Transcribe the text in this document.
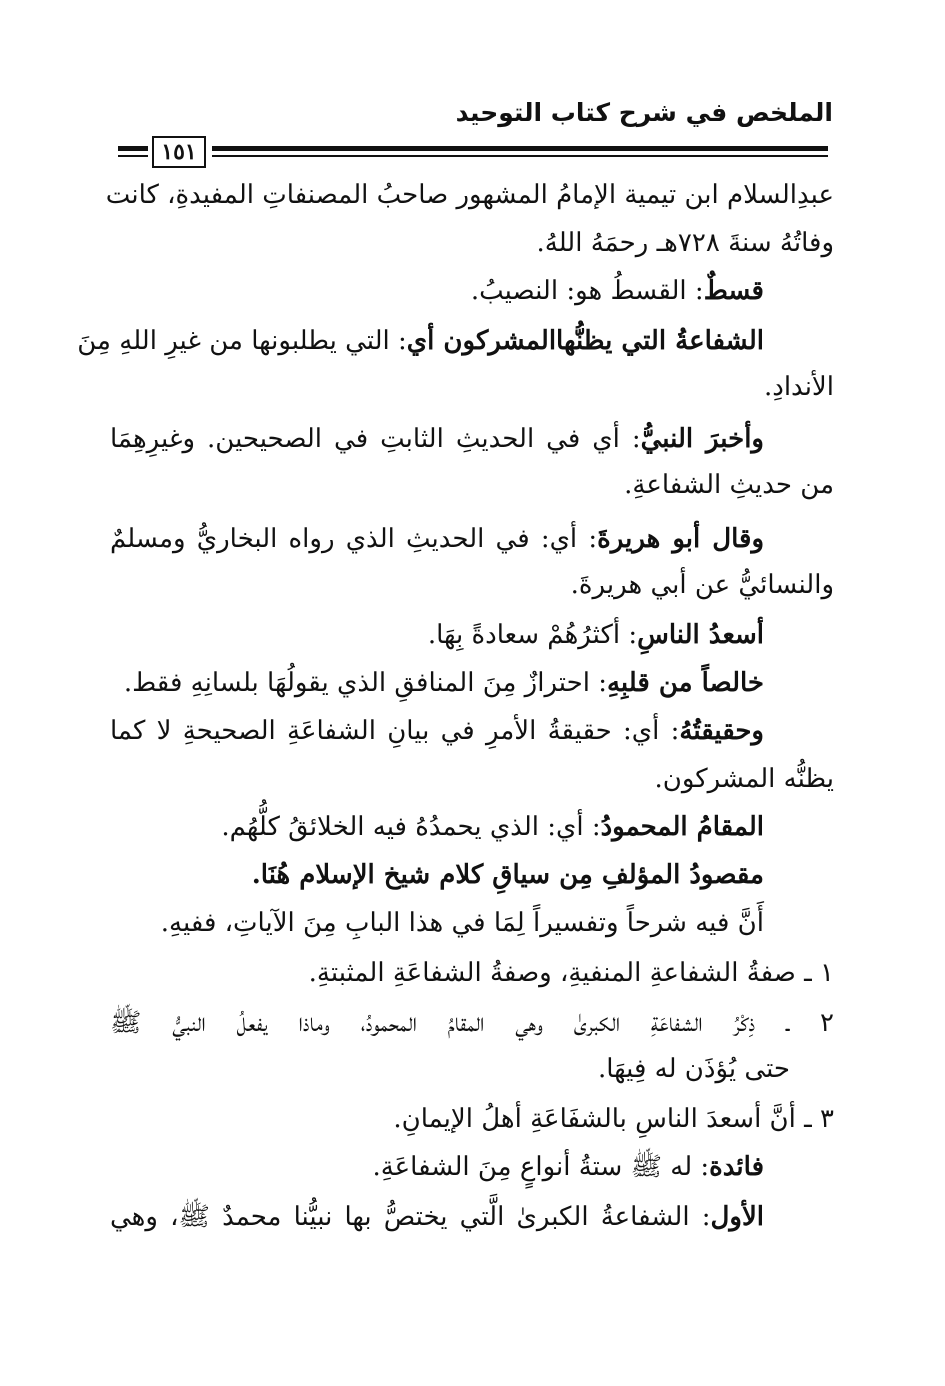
الملخص في شرح كتاب التوحيد
١٥١
عبدِالسلام ابن تيمية الإمامُ المشهور صاحبُ المصنفاتِ المفيدةِ، كانت
وفاتُهُ سنةَ ٧٢٨هـ رحمَهُ اللهُ.
قسطٌ: القسطُ هو: النصيبُ.
الشفاعةُ التي يظنُّهاالمشركون أي: التي يطلبونها من غيرِ اللهِ مِنَ
الأندادِ.
وأخبرَ النبيُّ: أي في الحديثِ الثابتِ في الصحيحين. وغيرِهِمَا
من حديثِ الشفاعةِ.
وقال أبو هريرةَ: أي: في الحديثِ الذي رواه البخاريُّ ومسلمٌ
والنسائيُّ عن أبي هريرةَ.
أسعدُ الناسِ: أكثرُهُمْ سعادةً بِهَا.
خالصاً من قلبِهِ: احترازٌ مِنَ المنافقِ الذي يقولُهَا بلسانِهِ فقط.
وحقيقتُهُ: أي: حقيقةُ الأمرِ في بيانِ الشفاعَةِ الصحيحةِ لا كما
يظنُّه المشركون.
المقامُ المحمودُ: أي: الذي يحمدُهُ فيه الخلائقُ كلُّهُم.
مقصودُ المؤلفِ مِن سياقِ كلام شيخ الإسلام هُنَا.
أَنَّ فيه شرحاً وتفسيراً لِمَا في هذا البابِ مِنَ الآياتِ، ففيهِ.
١ ـ صفةُ الشفاعةِ المنفيةِ، وصفةُ الشفاعَةِ المثبتةِ.
٢ ـ ذِكْرُ الشفاعَةِ الكبرىٰ وهي المقامُ المحمودُ، وماذا يفعلُ النبيُّ ﷺ
حتى يُؤذَن له فِيهَا.
٣ ـ أنَّ أسعدَ الناسِ بالشفَاعَةِ أهلُ الإيمانِ.
فائدة: له ﷺ ستةُ أنواعٍ مِنَ الشفاعَةِ.
الأول: الشفاعةُ الكبرىٰ الَّتي يختصُّ بها نبيُّنا محمدٌ ﷺ، وهي
